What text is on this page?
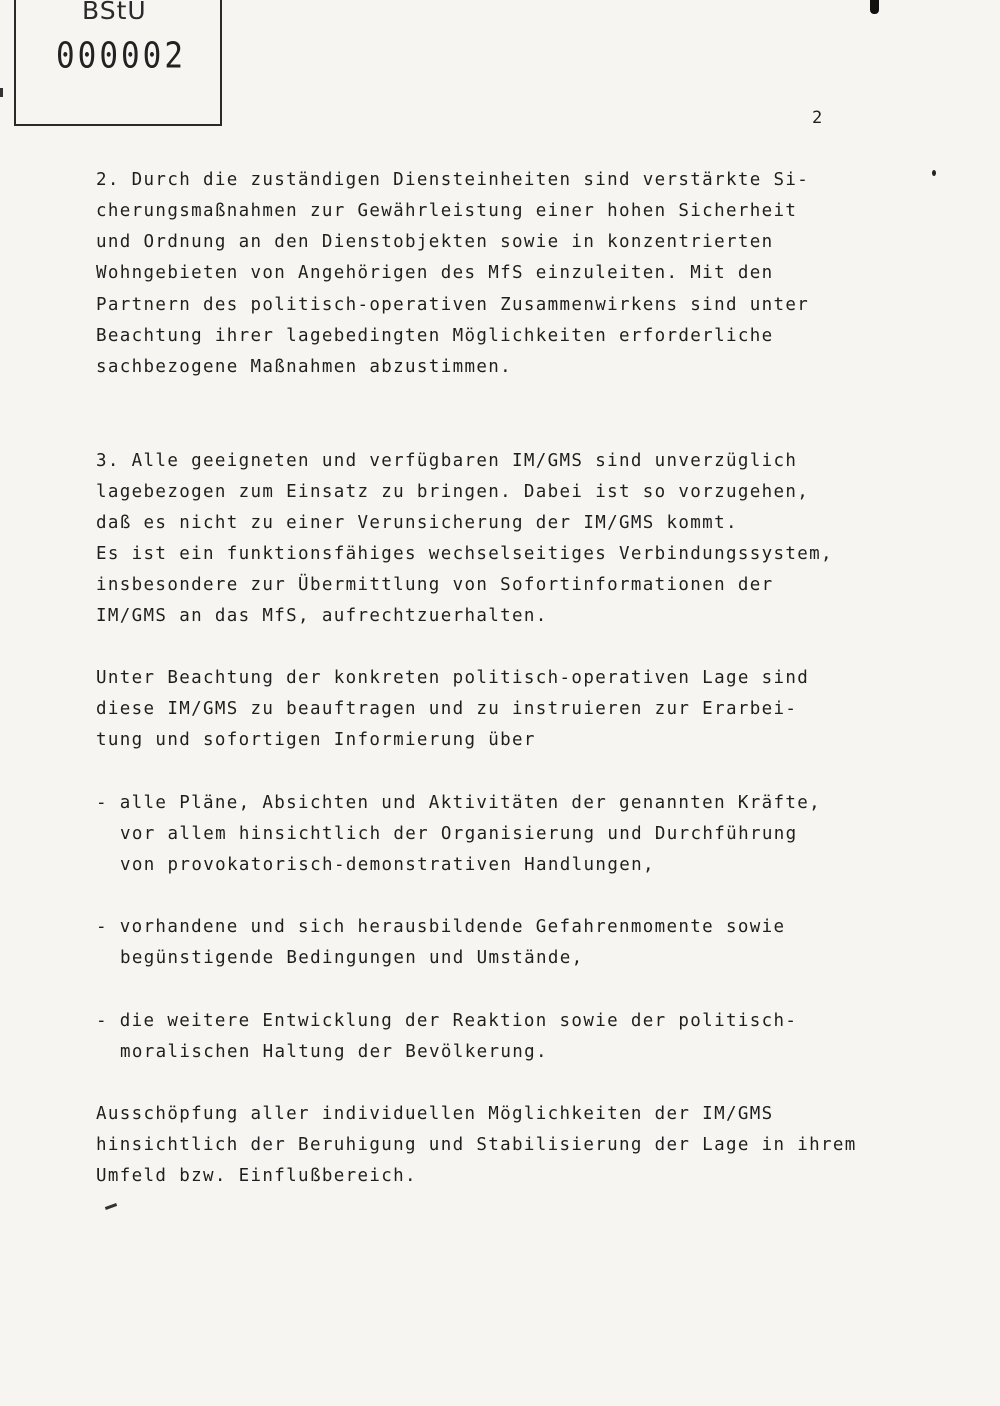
BStU
000002
2
2. Durch die zuständigen Diensteinheiten sind verstärkte Si-
cherungsmaßnahmen zur Gewährleistung einer hohen Sicherheit
und Ordnung an den Dienstobjekten sowie in konzentrierten
Wohngebieten von Angehörigen des MfS einzuleiten. Mit den
Partnern des politisch-operativen Zusammenwirkens sind unter
Beachtung ihrer lagebedingten Möglichkeiten erforderliche
sachbezogene Maßnahmen abzustimmen.
3. Alle geeigneten und verfügbaren IM/GMS sind unverzüglich
lagebezogen zum Einsatz zu bringen. Dabei ist so vorzugehen,
daß es nicht zu einer Verunsicherung der IM/GMS kommt.
Es ist ein funktionsfähiges wechselseitiges Verbindungssystem,
insbesondere zur Übermittlung von Sofortinformationen der
IM/GMS an das MfS, aufrechtzuerhalten.
Unter Beachtung der konkreten politisch-operativen Lage sind
diese IM/GMS zu beauftragen und zu instruieren zur Erarbei-
tung und sofortigen Informierung über
- alle Pläne, Absichten und Aktivitäten der genannten Kräfte,
vor allem hinsichtlich der Organisierung und Durchführung
von provokatorisch-demonstrativen Handlungen,
- vorhandene und sich herausbildende Gefahrenmomente sowie
begünstigende Bedingungen und Umstände,
- die weitere Entwicklung der Reaktion sowie der politisch-
moralischen Haltung der Bevölkerung.
Ausschöpfung aller individuellen Möglichkeiten der IM/GMS
hinsichtlich der Beruhigung und Stabilisierung der Lage in ihrem
Umfeld bzw. Einflußbereich.
